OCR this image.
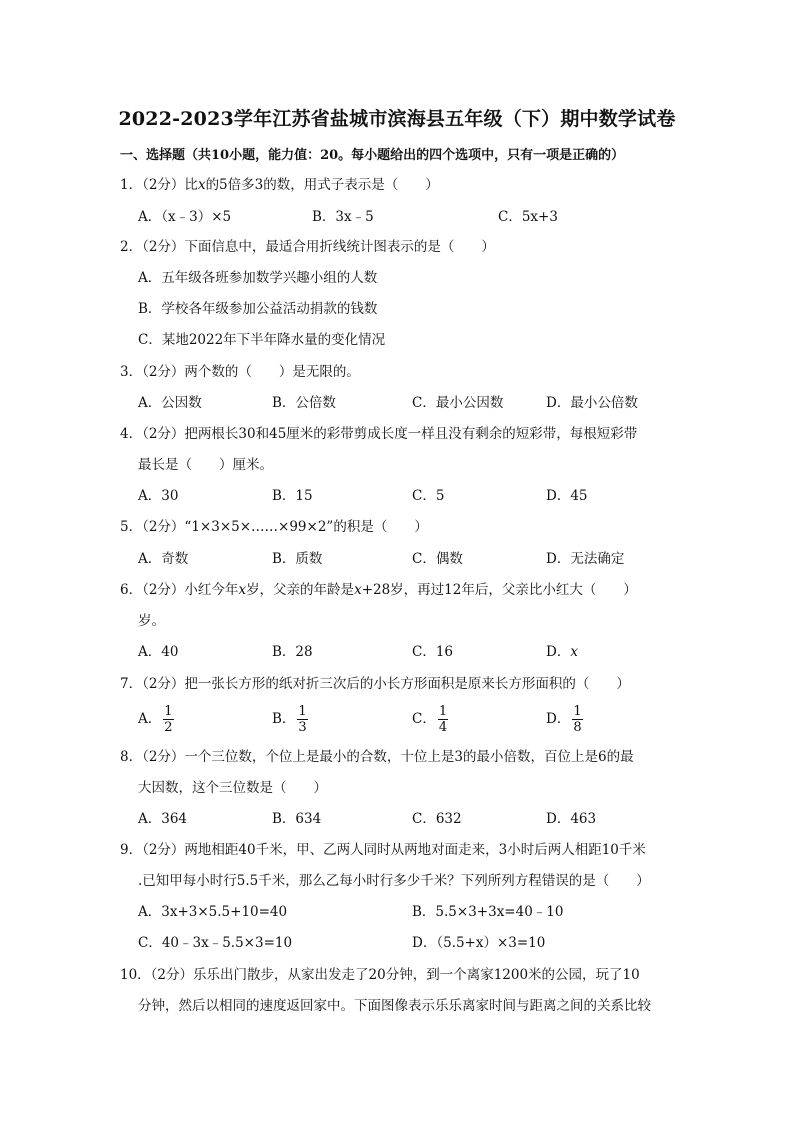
2022-2023学年江苏省盐城市滨海县五年级（下）期中数学试卷
一、选择题（共10小题，能力值：20。每小题给出的四个选项中，只有一项是正确的）
1．（2分）比x的5倍多3的数，用式子表示是（　　）
A．（x﹣3）×5	B．3x﹣5	C．5x+3
2．（2分）下面信息中，最适合用折线统计图表示的是（　　）
A．五年级各班参加数学兴趣小组的人数
B．学校各年级参加公益活动捐款的钱数
C．某地2022年下半年降水量的变化情况
3．（2分）两个数的（　　）是无限的。
A．公因数	B．公倍数	C．最小公因数	D．最小公倍数
4．（2分）把两根长30和45厘米的彩带剪成长度一样且没有剩余的短彩带，每根短彩带
最长是（　　）厘米。
A．30	B．15	C．5	D．45
5．（2分）“1×3×5×……×99×2”的积是（　　）
A．奇数	B．质数	C．偶数	D．无法确定
6．（2分）小红今年x岁，父亲的年龄是x+28岁，再过12年后，父亲比小红大（　　）
岁。
A．40	B．28	C．16	D．x
7．（2分）把一张长方形的纸对折三次后的小长方形面积是原来长方形面积的（　　）
A． $\frac{1}{2}$	B． $\frac{1}{3}$	C． $\frac{1}{4}$	D． $\frac{1}{8}$
8．（2分）一个三位数，个位上是最小的合数，十位上是3的最小倍数，百位上是6的最
大因数，这个三位数是（　　）
A．364	B．634	C．632	D．463
9．（2分）两地相距40千米，甲、乙两人同时从两地对面走来，3小时后两人相距10千米
.已知甲每小时行5.5千米，那么乙每小时行多少千米？下列所列方程错误的是（　　）
A．3x+3×5.5+10=40	B．5.5×3+3x=40﹣10
C．40﹣3x﹣5.5×3=10	D．（5.5+x）×3=10
10．（2分）乐乐出门散步，从家出发走了20分钟，到一个离家1200米的公园，玩了10
分钟，然后以相同的速度返回家中。下面图像表示乐乐离家时间与距离之间的关系比较
